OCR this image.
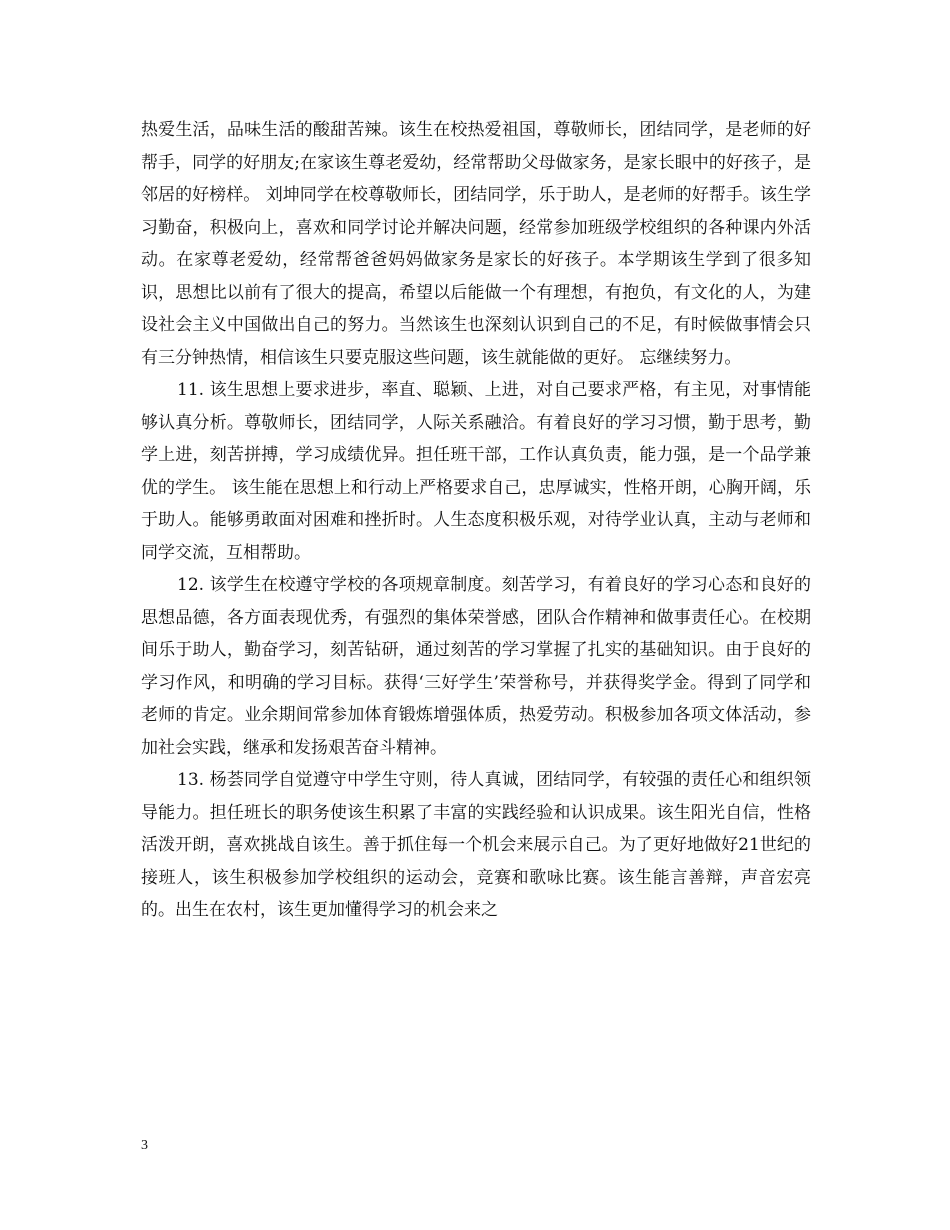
热爱生活，品味生活的酸甜苦辣。该生在校热爱祖国，尊敬师长，团结同学，是老师的好帮手，同学的好朋友;在家该生尊老爱幼，经常帮助父母做家务，是家长眼中的好孩子，是邻居的好榜样。 刘坤同学在校尊敬师长，团结同学，乐于助人，是老师的好帮手。该生学习勤奋，积极向上，喜欢和同学讨论并解决问题，经常参加班级学校组织的各种课内外活动。在家尊老爱幼，经常帮爸爸妈妈做家务是家长的好孩子。本学期该生学到了很多知识，思想比以前有了很大的提高，希望以后能做一个有理想，有抱负，有文化的人，为建设社会主义中国做出自己的努力。当然该生也深刻认识到自己的不足，有时候做事情会只有三分钟热情，相信该生只要克服这些问题，该生就能做的更好。 忘继续努力。

11. 该生思想上要求进步，率直、聪颖、上进，对自己要求严格，有主见，对事情能够认真分析。尊敬师长，团结同学，人际关系融洽。有着良好的学习习惯，勤于思考，勤学上进，刻苦拼搏，学习成绩优异。担任班干部，工作认真负责，能力强，是一个品学兼优的学生。 该生能在思想上和行动上严格要求自己，忠厚诚实，性格开朗，心胸开阔，乐于助人。能够勇敢面对困难和挫折时。人生态度积极乐观，对待学业认真，主动与老师和同学交流，互相帮助。

12. 该学生在校遵守学校的各项规章制度。刻苦学习，有着良好的学习心态和良好的思想品德，各方面表现优秀，有强烈的集体荣誉感，团队合作精神和做事责任心。在校期间乐于助人，勤奋学习，刻苦钻研，通过刻苦的学习掌握了扎实的基础知识。由于良好的学习作风，和明确的学习目标。获得‘三好学生’荣誉称号，并获得奖学金。得到了同学和老师的肯定。业余期间常参加体育锻炼增强体质，热爱劳动。积极参加各项文体活动，参加社会实践，继承和发扬艰苦奋斗精神。

13. 杨荟同学自觉遵守中学生守则，待人真诚，团结同学，有较强的责任心和组织领导能力。担任班长的职务使该生积累了丰富的实践经验和认识成果。该生阳光自信，性格活泼开朗，喜欢挑战自该生。善于抓住每一个机会来展示自己。为了更好地做好21世纪的接班人，该生积极参加学校组织的运动会，竞赛和歌咏比赛。该生能言善辩，声音宏亮的。出生在农村，该生更加懂得学习的机会来之

3
